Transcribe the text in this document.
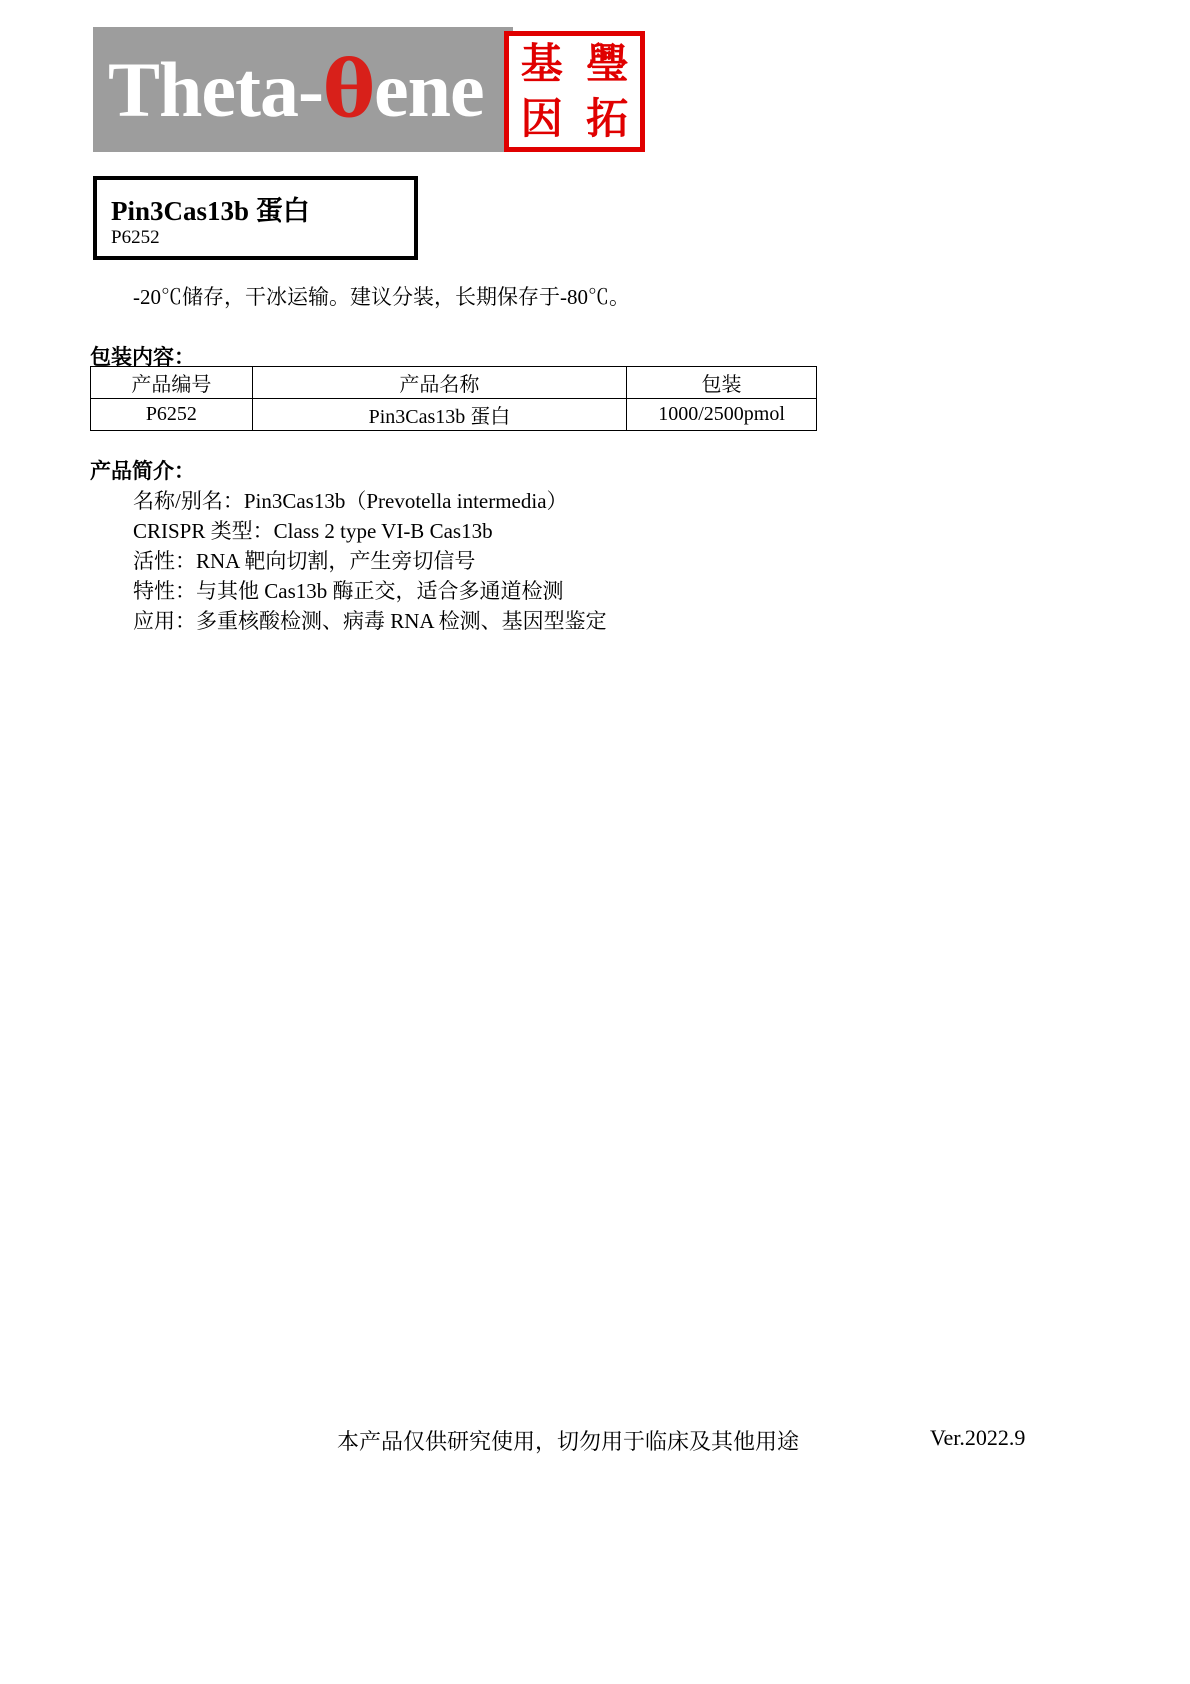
Theta-θene 基 璺
因 拓
Pin3Cas13b 蛋白
P6252
-20℃储存，干冰运输。建议分装，长期保存于-80℃。
包装内容：
产品编号	产品名称	包装
P6252	Pin3Cas13b 蛋白	1000/2500pmol
产品简介：
名称/别名：Pin3Cas13b（Prevotella intermedia）
CRISPR 类型：Class 2 type VI-B Cas13b
活性：RNA 靶向切割，产生旁切信号
特性：与其他 Cas13b 酶正交，适合多通道检测
应用：多重核酸检测、病毒 RNA 检测、基因型鉴定
本产品仅供研究使用，切勿用于临床及其他用途	Ver.2022.9
